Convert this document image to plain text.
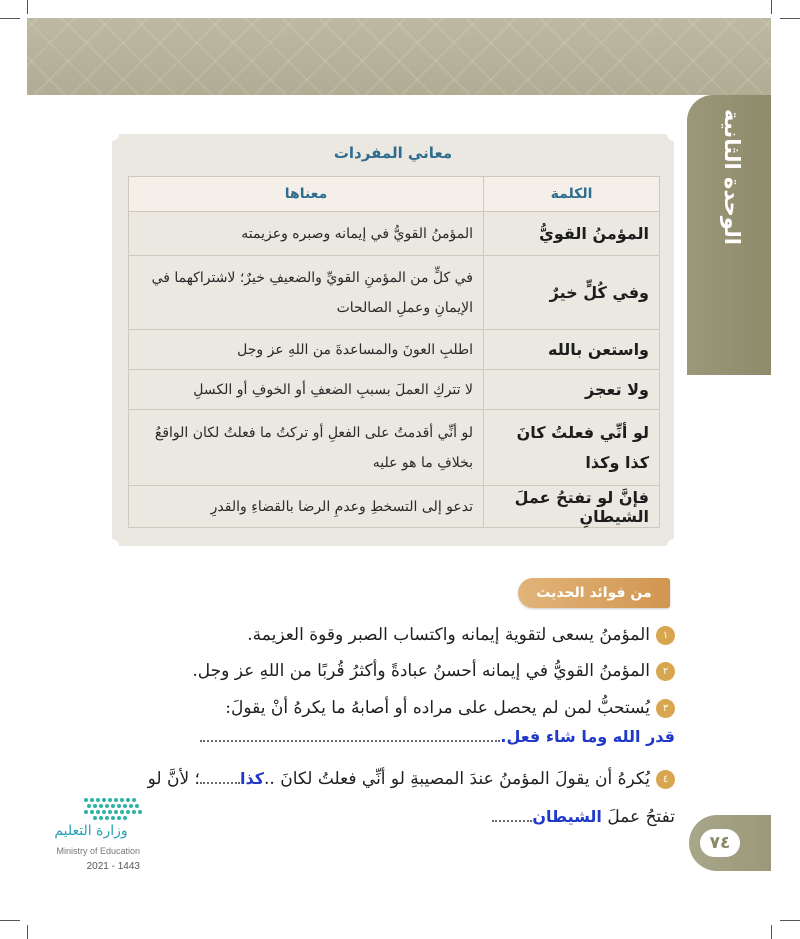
الوحدة الثانية
معاني المفردات
الكلمة	معناها
المؤمنُ القويُّ	المؤمنُ القويُّ في إيمانه وصبره وعزيمته
وفي كُلٍّ خيرٌ	في كلٍّ من المؤمنِ القويِّ والضعيفِ خيرٌ؛ لاشتراكهما في الإيمانِ وعملِ الصالحات
واستعن بالله	اطلبِ العونَ والمساعدةَ من اللهِ عز وجل
ولا تعجز	لا تتركِ العملَ بسببِ الضعفِ أو الخوفِ أو الكسلِ
لو أنِّي فعلتُ كانَ كذا وكذا	لو أنِّي أقدمتُ على الفعلِ أو تركتُ ما فعلتُ لكان الواقعُ بخلافِ ما هو عليه
فإنَّ لو تفتحُ عملَ الشيطانِ	تدعو إلى التسخطِ وعدمِ الرضا بالقضاءِ والقدرِ
من فوائد الحديث
١المؤمنُ يسعى لتقوية إيمانه واكتساب الصبر وقوة العزيمة.
٢المؤمنُ القويُّ في إيمانه أحسنُ عبادةً وأكثرُ قُربًا من اللهِ عز وجل.
٣يُستحبُّ لمن لم يحصل على مراده أو أصابهُ ما يكرهُ أنْ يقولَ:
قدر الله وما شاء فعل.
٤يُكرهُ أن يقولَ المؤمنُ عندَ المصيبةِ لو أنِّي فعلتُ لكانَ ..كذا؛ لأنَّ لو
تفتحُ عملَ الشيطان
٧٤
وزارة التعليم
Ministry of Education
2021 - 1443
